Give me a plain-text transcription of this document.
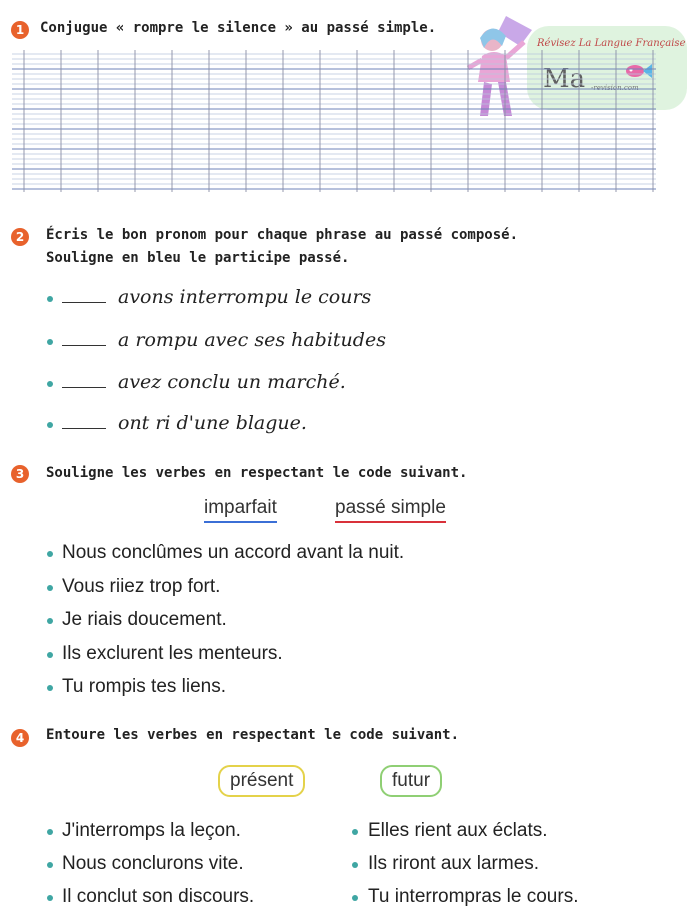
Révisez La Langue Française
Ma -revision.com
1	Conjugue « rompre le silence » au passé simple.
2	Écris le bon pronom pour chaque phrase au passé composé.
Souligne en bleu le participe passé.
avons interrompu le cours
a rompu avec ses habitudes
avez conclu un marché.
ont ri d'une blague.
3	Souligne les verbes en respectant le code suivant.
imparfait	passé simple
Nous conclûmes un accord avant la nuit.
Vous riiez trop fort.
Je riais doucement.
Ils exclurent les menteurs.
Tu rompis tes liens.
4	Entoure les verbes en respectant le code suivant.
présent	futur
J'interromps la leçon.
Nous conclurons vite.
Il conclut son discours.
Elles rient aux éclats.
Ils riront aux larmes.
Tu interrompras le cours.
